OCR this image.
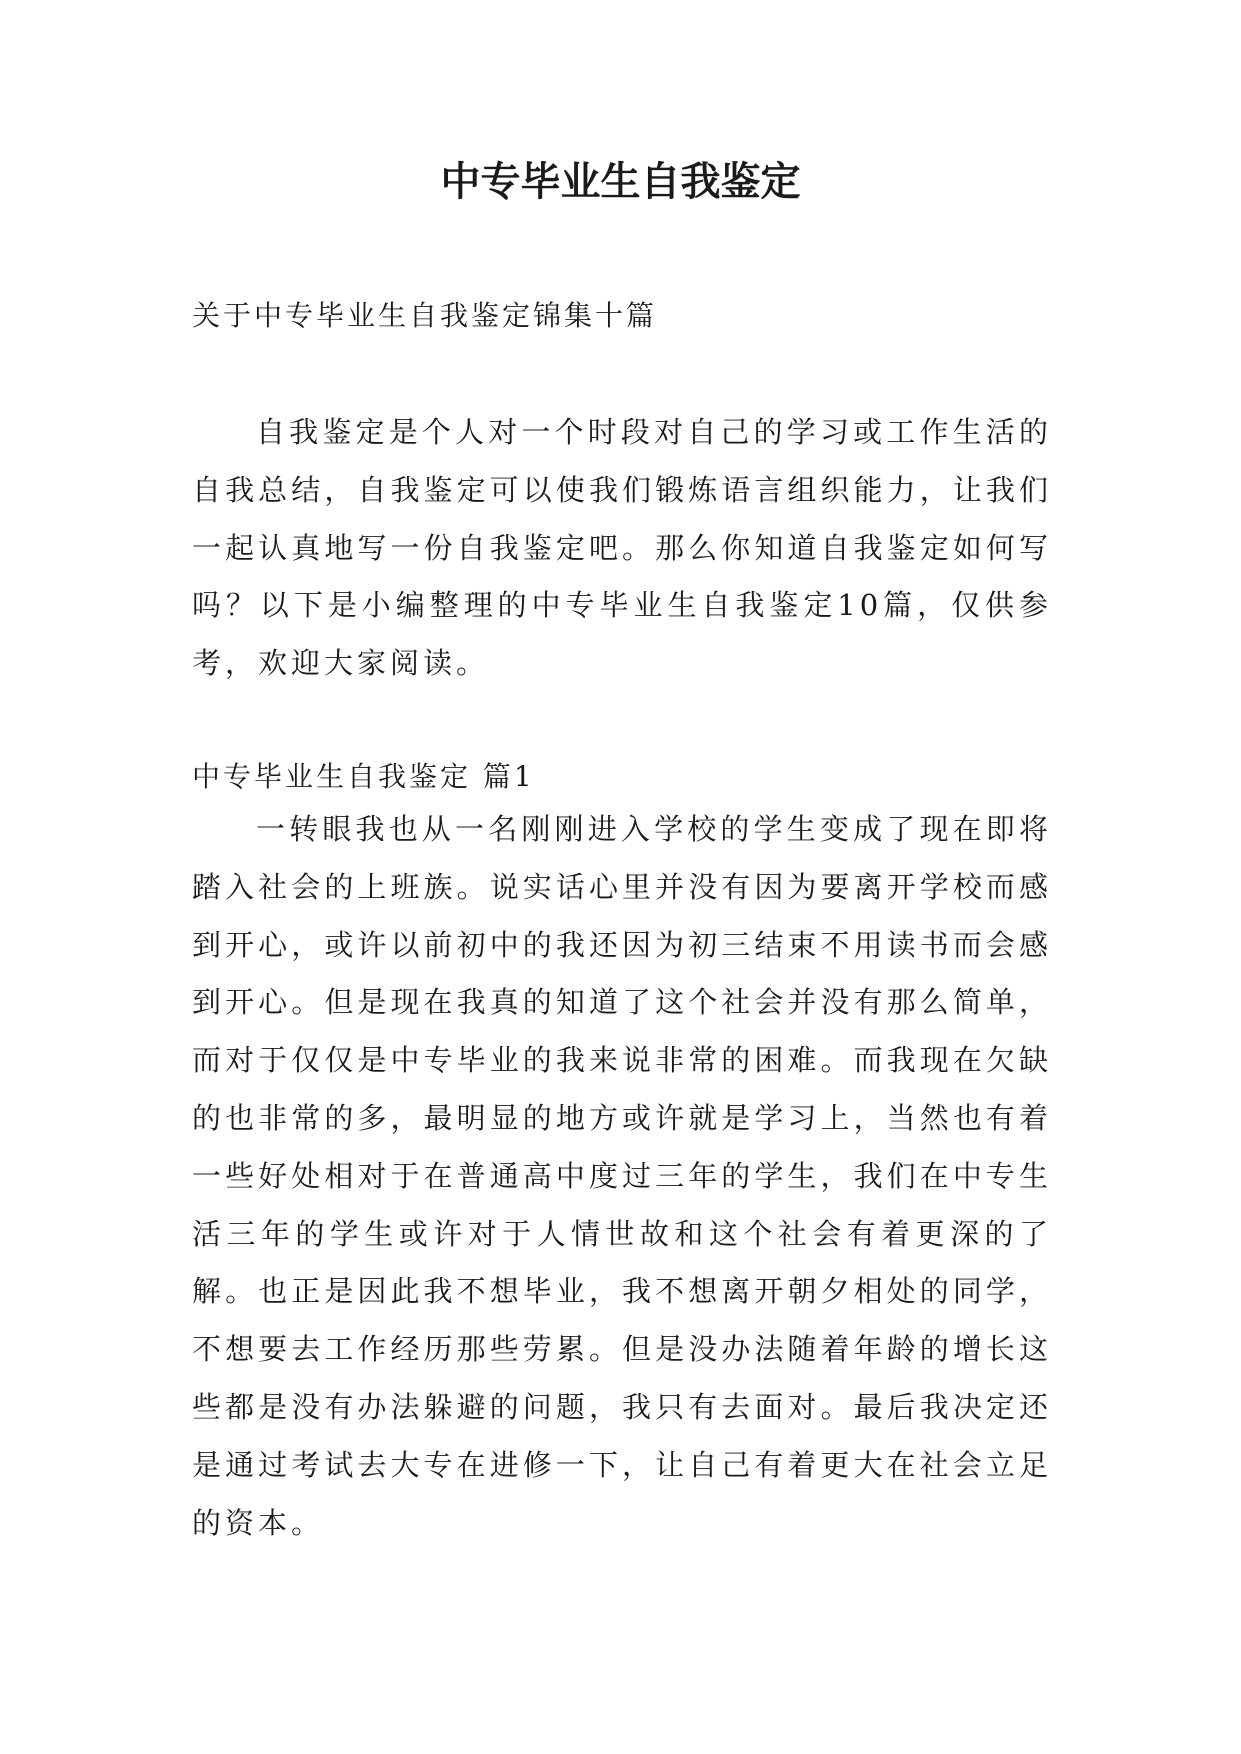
中专毕业生自我鉴定

关于中专毕业生自我鉴定锦集十篇

自我鉴定是个人对一个时段对自己的学习或工作生活的自我总结，自我鉴定可以使我们锻炼语言组织能力，让我们一起认真地写一份自我鉴定吧。那么你知道自我鉴定如何写吗？以下是小编整理的中专毕业生自我鉴定10篇，仅供参考，欢迎大家阅读。

中专毕业生自我鉴定 篇1

一转眼我也从一名刚刚进入学校的学生变成了现在即将踏入社会的上班族。说实话心里并没有因为要离开学校而感到开心，或许以前初中的我还因为初三结束不用读书而会感到开心。但是现在我真的知道了这个社会并没有那么简单，而对于仅仅是中专毕业的我来说非常的困难。而我现在欠缺的也非常的多，最明显的地方或许就是学习上，当然也有着一些好处相对于在普通高中度过三年的学生，我们在中专生活三年的学生或许对于人情世故和这个社会有着更深的了解。也正是因此我不想毕业，我不想离开朝夕相处的同学，不想要去工作经历那些劳累。但是没办法随着年龄的增长这些都是没有办法躲避的问题，我只有去面对。最后我决定还是通过考试去大专在进修一下，让自己有着更大在社会立足的资本。
